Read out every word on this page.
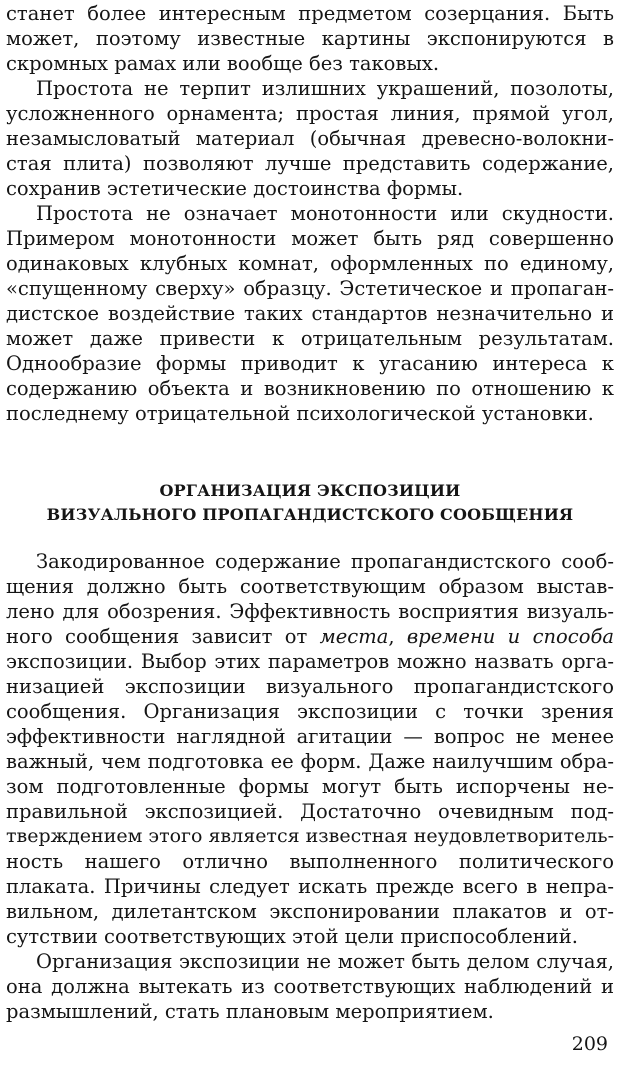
станет более интересным предметом созерцания. Быть
может, поэтому известные картины экспонируются в
скромных рамах или вообще без таковых.
Простота не терпит излишних украшений, позолоты,
усложненного орнамента; простая линия, прямой угол,
незамысловатый материал (обычная древесно-волокни-
стая плита) позволяют лучше представить содержание,
сохранив эстетические достоинства формы.
Простота не означает монотонности или скудности.
Примером монотонности может быть ряд совершенно
одинаковых клубных комнат, оформленных по единому,
«спущенному сверху» образцу. Эстетическое и пропаган-
дистское воздействие таких стандартов незначительно и
может даже привести к отрицательным результатам.
Однообразие формы приводит к угасанию интереса к
содержанию объекта и возникновению по отношению к
последнему отрицательной психологической установки.
ОРГАНИЗАЦИЯ ЭКСПОЗИЦИИ
ВИЗУАЛЬНОГО ПРОПАГАНДИСТСКОГО СООБЩЕНИЯ
Закодированное содержание пропагандистского сооб-
щения должно быть соответствующим образом выстав-
лено для обозрения. Эффективность восприятия визуаль-
ного сообщения зависит от места, времени и способа
экспозиции. Выбор этих параметров можно назвать орга-
низацией экспозиции визуального пропагандистского
сообщения. Организация экспозиции с точки зрения
эффективности наглядной агитации — вопрос не менее
важный, чем подготовка ее форм. Даже наилучшим обра-
зом подготовленные формы могут быть испорчены не-
правильной экспозицией. Достаточно очевидным под-
тверждением этого является известная неудовлетворитель-
ность нашего отлично выполненного политического
плаката. Причины следует искать прежде всего в непра-
вильном, дилетантском экспонировании плакатов и от-
сутствии соответствующих этой цели приспособлений.
Организация экспозиции не может быть делом случая,
она должна вытекать из соответствующих наблюдений и
размышлений, стать плановым мероприятием.
209
